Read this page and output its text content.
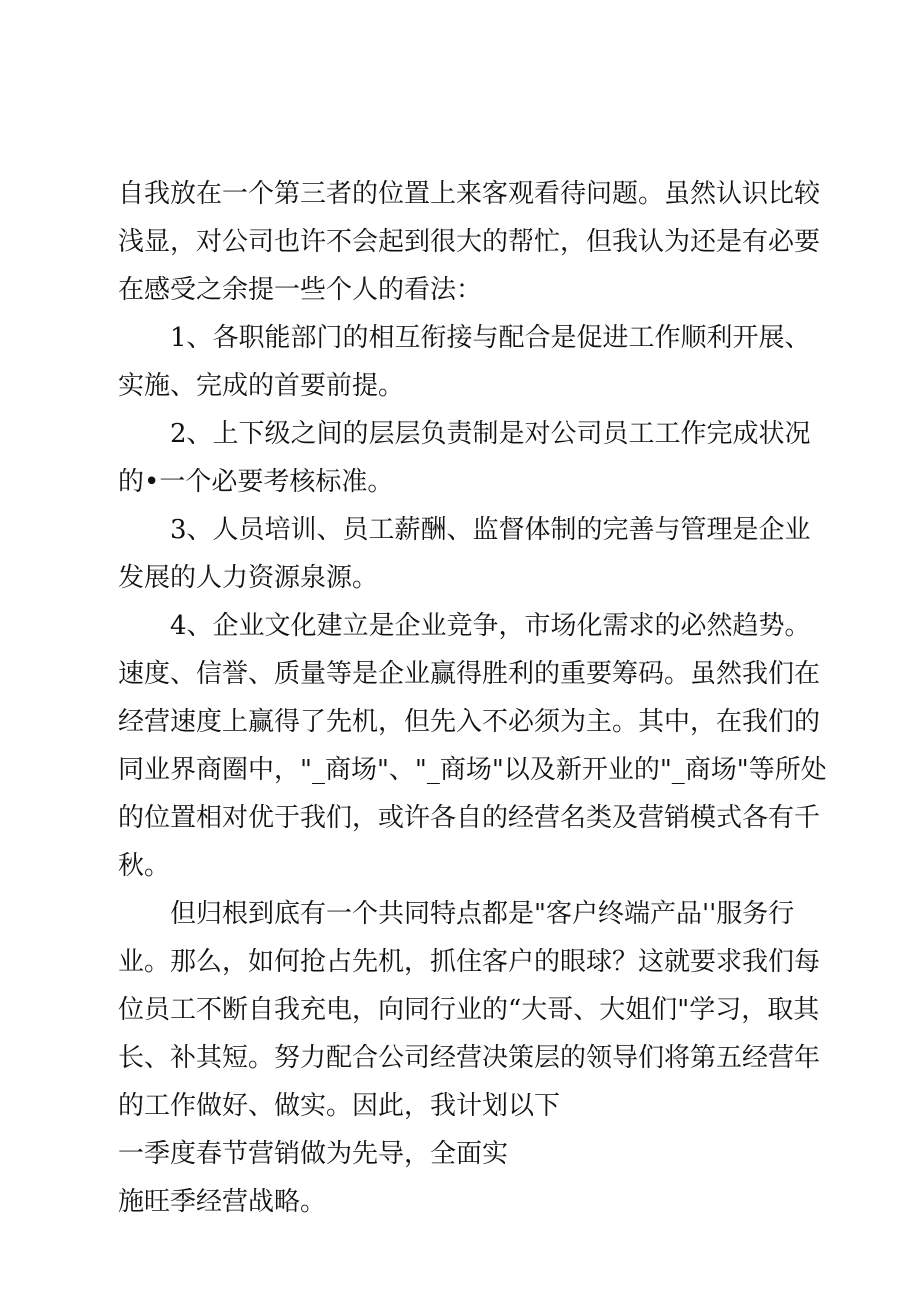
自我放在一个第三者的位置上来客观看待问题。虽然认识比较浅显，对公司也许不会起到很大的帮忙，但我认为还是有必要在感受之余提一些个人的看法：

1、各职能部门的相互衔接与配合是促进工作顺利开展、实施、完成的首要前提。

2、上下级之间的层层负责制是对公司员工工作完成状况的•一个必要考核标准。

3、人员培训、员工薪酬、监督体制的完善与管理是企业发展的人力资源泉源。

4、企业文化建立是企业竞争，市场化需求的必然趋势。速度、信誉、质量等是企业赢得胜利的重要筹码。虽然我们在经营速度上赢得了先机，但先入不必须为主。其中，在我们的同业界商圈中，"_商场"、"_商场"以及新开业的"_商场"等所处的位置相对优于我们，或许各自的经营名类及营销模式各有千秋。

但归根到底有一个共同特点都是"客户终端产品''服务行业。那么，如何抢占先机，抓住客户的眼球？这就要求我们每位员工不断自我充电，向同行业的“大哥、大姐们"学习，取其长、补其短。努力配合公司经营决策层的领导们将第五经营年的工作做好、做实。因此，我计划以下

一季度春节营销做为先导，全面实
施旺季经营战略。
